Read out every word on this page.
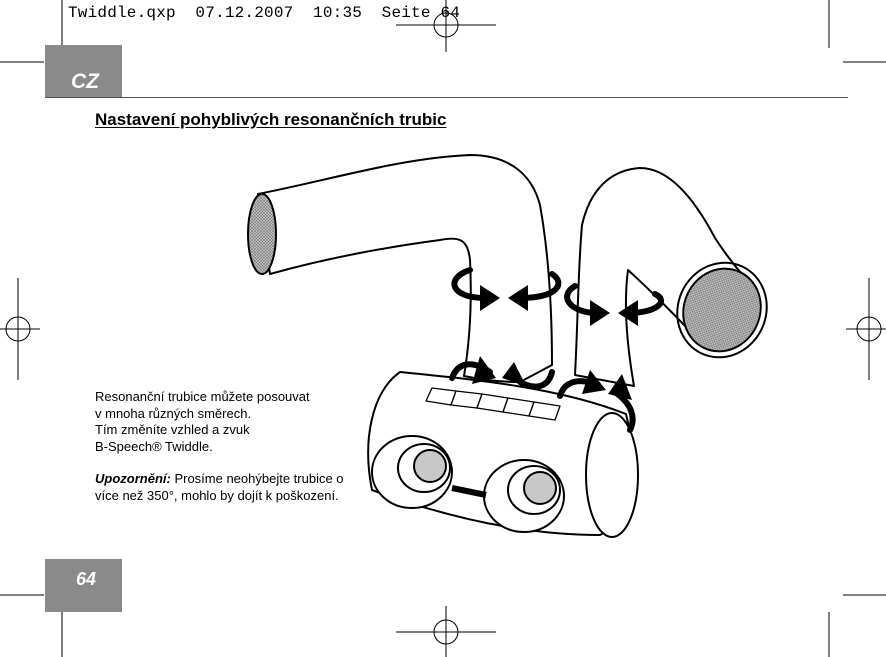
Twiddle.qxp  07.12.2007  10:35  Seite 64
CZ
Nastavení pohyblivých resonančních trubic

Resonanční trubice můžete posouvat

v mnoha různých směrech.

Tím změníte vzhled a zvuk

B-Speech® Twiddle.

Upozornění: Prosíme neohýbejte trubice o více než 350°, mohlo by dojít k poškození.

64
